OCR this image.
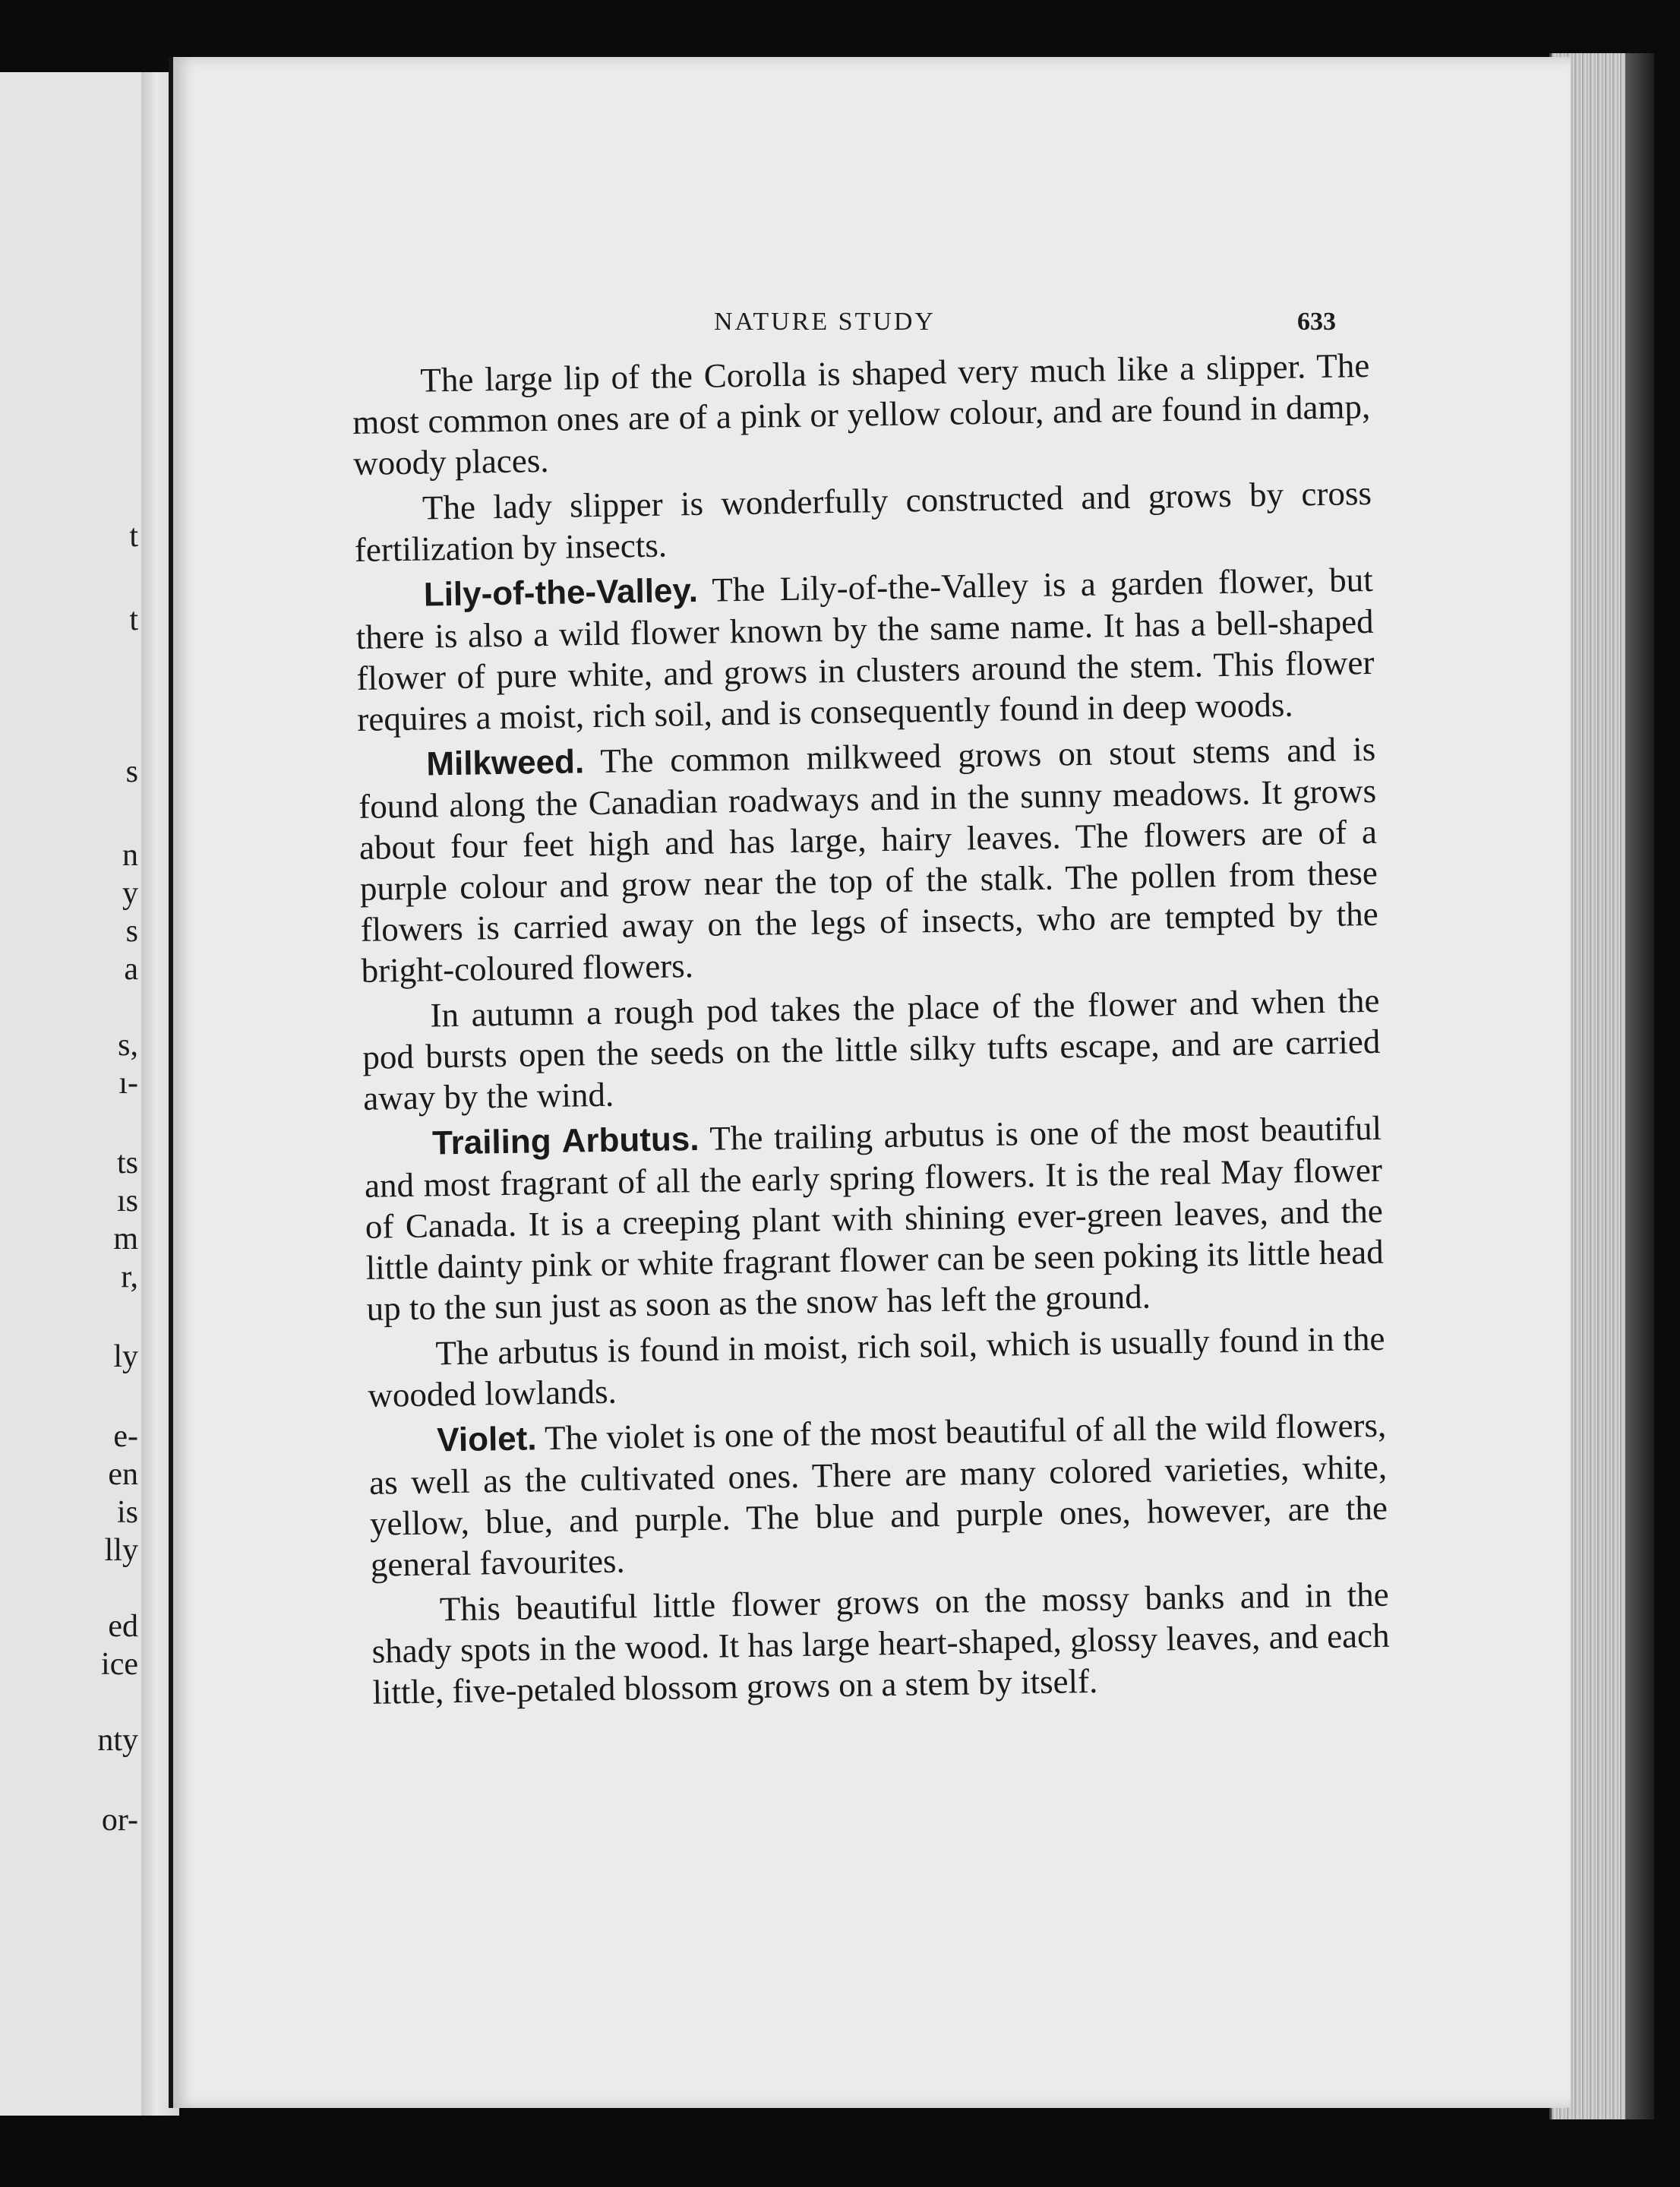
t
t
s
n
y
s
a
s,
ı-
ts
ıs
m
r,
ly
e-
en
is
lly
ed
ice
nty
or-
NATURE STUDY	633

The large lip of the Corolla is shaped very much like a slipper. The most common ones are of a pink or yellow colour, and are found in damp, woody places.

The lady slipper is wonderfully constructed and grows by cross fertilization by insects.

Lily-of-the-Valley. The Lily-of-the-Valley is a garden flower, but there is also a wild flower known by the same name. It has a bell-shaped flower of pure white, and grows in clusters around the stem. This flower requires a moist, rich soil, and is consequently found in deep woods.

Milkweed. The common milkweed grows on stout stems and is found along the Canadian roadways and in the sunny meadows. It grows about four feet high and has large, hairy leaves. The flowers are of a purple colour and grow near the top of the stalk. The pollen from these flowers is carried away on the legs of insects, who are tempted by the bright-coloured flowers.

In autumn a rough pod takes the place of the flower and when the pod bursts open the seeds on the little silky tufts escape, and are carried away by the wind.

Trailing Arbutus. The trailing arbutus is one of the most beautiful and most fragrant of all the early spring flowers. It is the real May flower of Canada. It is a creeping plant with shining ever-green leaves, and the little dainty pink or white fragrant flower can be seen poking its little head up to the sun just as soon as the snow has left the ground.

The arbutus is found in moist, rich soil, which is usually found in the wooded lowlands.

Violet. The violet is one of the most beautiful of all the wild flowers, as well as the cultivated ones. There are many colored varieties, white, yellow, blue, and purple. The blue and purple ones, however, are the general favourites.

This beautiful little flower grows on the mossy banks and in the shady spots in the wood. It has large heart-shaped, glossy leaves, and each little, five-petaled blossom grows on a stem by itself.
